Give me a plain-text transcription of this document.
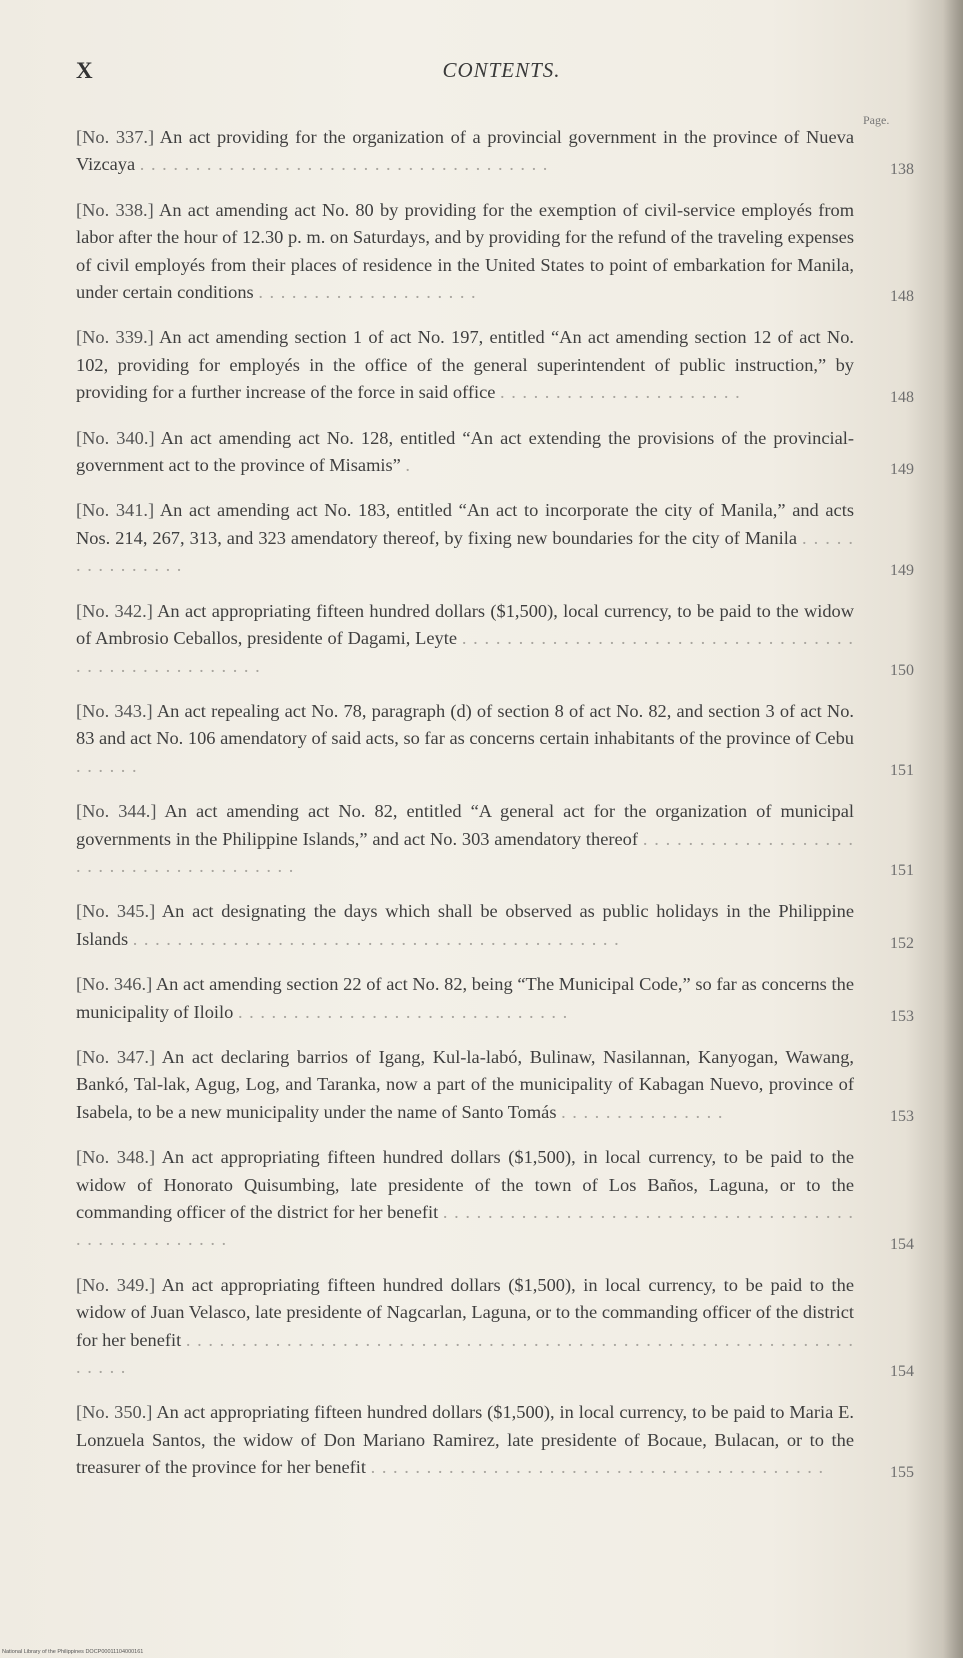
X	CONTENTS.
Page.
[No. 337.] An act providing for the organization of a provincial government in the province of Nueva Vizcaya . . . . . . . . . . . . . . . . . . . . . . . . . . . . . . . . . . . . .	138
[No. 338.] An act amending act No. 80 by providing for the exemption of civil-service employés from labor after the hour of 12.30 p. m. on Saturdays, and by providing for the refund of the traveling expenses of civil employés from their places of residence in the United States to point of embarkation for Manila, under certain conditions . . . . . . . . . . . . . . . . . . . .	148
[No. 339.] An act amending section 1 of act No. 197, entitled “An act amending section 12 of act No. 102, providing for employés in the office of the general superintendent of public instruction,” by providing for a further increase of the force in said office . . . . . . . . . . . . . . . . . . . . . .	148
[No. 340.] An act amending act No. 128, entitled “An act extending the provisions of the provincial-government act to the province of Misamis” .	149
[No. 341.] An act amending act No. 183, entitled “An act to incorporate the city of Manila,” and acts Nos. 214, 267, 313, and 323 amendatory thereof, by fixing new boundaries for the city of Manila . . . . . . . . . . . . . . .	149
[No. 342.] An act appropriating fifteen hundred dollars ($1,500), local currency, to be paid to the widow of Ambrosio Ceballos, presidente of Dagami, Leyte . . . . . . . . . . . . . . . . . . . . . . . . . . . . . . . . . . . . . . . . . . . . . . . . . . . .	150
[No. 343.] An act repealing act No. 78, paragraph (d) of section 8 of act No. 82, and section 3 of act No. 83 and act No. 106 amendatory of said acts, so far as concerns certain inhabitants of the province of Cebu . . . . . .	151
[No. 344.] An act amending act No. 82, entitled “A general act for the organization of municipal governments in the Philippine Islands,” and act No. 303 amendatory thereof . . . . . . . . . . . . . . . . . . . . . . . . . . . . . . . . . . . . . . .	151
[No. 345.] An act designating the days which shall be observed as public holidays in the Philippine Islands . . . . . . . . . . . . . . . . . . . . . . . . . . . . . . . . . . . . . . . . . . . .	152
[No. 346.] An act amending section 22 of act No. 82, being “The Municipal Code,” so far as concerns the municipality of Iloilo . . . . . . . . . . . . . . . . . . . . . . . . . . . . . .	153
[No. 347.] An act declaring barrios of Igang, Kul-la-labó, Bulinaw, Nasilannan, Kanyogan, Wawang, Bankó, Tal-lak, Agug, Log, and Taranka, now a part of the municipality of Kabagan Nuevo, province of Isabela, to be a new municipality under the name of Santo Tomás . . . . . . . . . . . . . . .	153
[No. 348.] An act appropriating fifteen hundred dollars ($1,500), in local currency, to be paid to the widow of Honorato Quisumbing, late presidente of the town of Los Baños, Laguna, or to the commanding officer of the district for her benefit . . . . . . . . . . . . . . . . . . . . . . . . . . . . . . . . . . . . . . . . . . . . . . . . . . .	154
[No. 349.] An act appropriating fifteen hundred dollars ($1,500), in local currency, to be paid to the widow of Juan Velasco, late presidente of Nagcarlan, Laguna, or to the commanding officer of the district for her benefit . . . . . . . . . . . . . . . . . . . . . . . . . . . . . . . . . . . . . . . . . . . . . . . . . . . . . . . . . . . . . . . . .	154
[No. 350.] An act appropriating fifteen hundred dollars ($1,500), in local currency, to be paid to Maria E. Lonzuela Santos, the widow of Don Mariano Ramirez, late presidente of Bocaue, Bulacan, or to the treasurer of the province for her benefit . . . . . . . . . . . . . . . . . . . . . . . . . . . . . . . . . . . . . . . . .	155
National Library of the Philippines DOCP00011104000161
